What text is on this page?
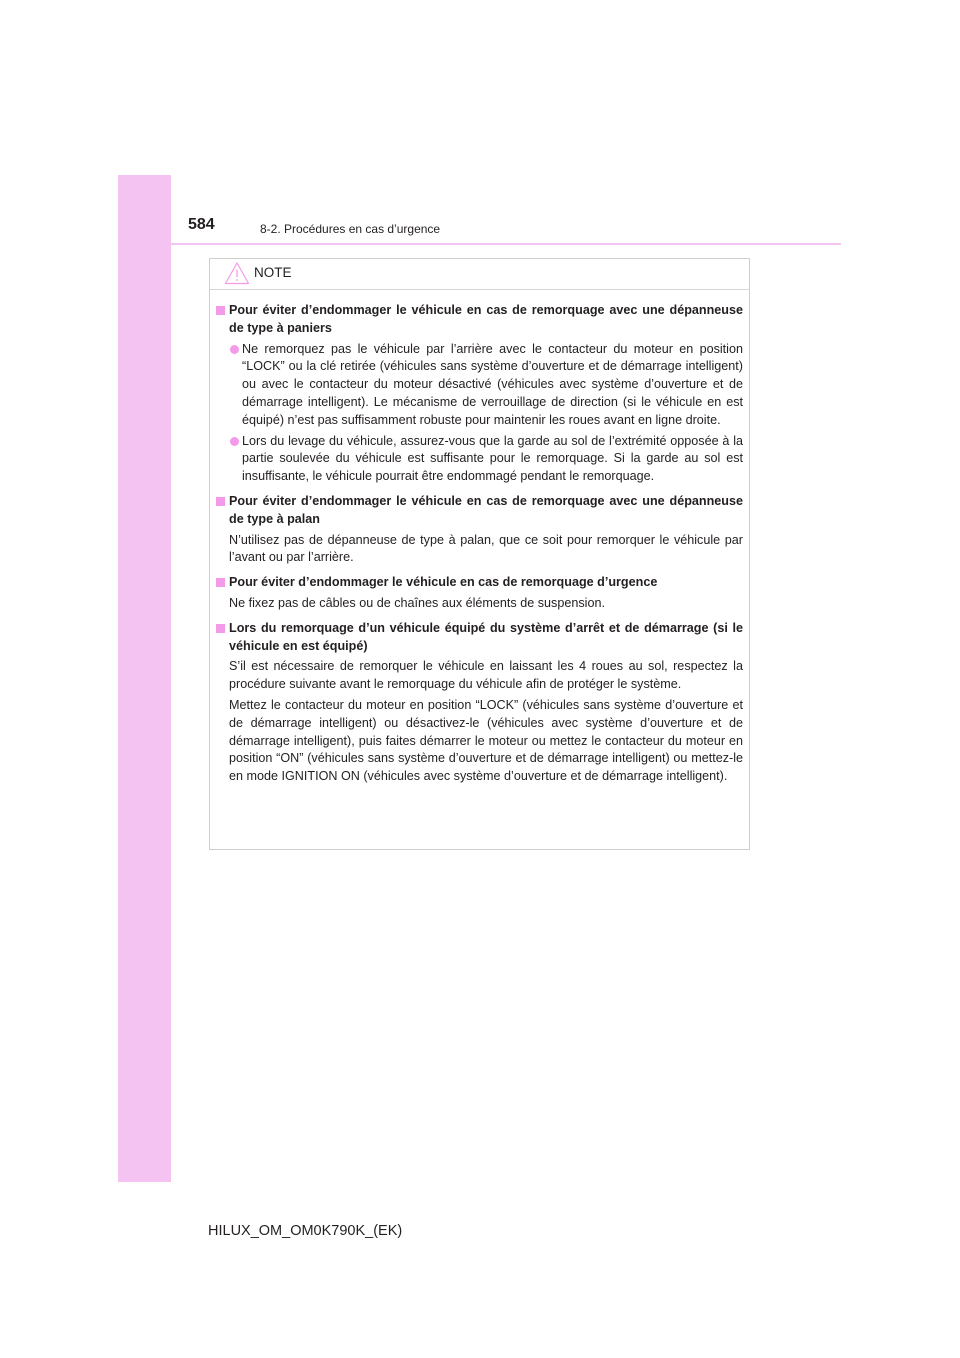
584	8-2. Procédures en cas d’urgence
NOTE
Pour éviter d’endommager le véhicule en cas de remorquage avec une dépanneuse de type à paniers
Ne remorquez pas le véhicule par l’arrière avec le contacteur du moteur en position “LOCK” ou la clé retirée (véhicules sans système d’ouverture et de démarrage intelligent) ou avec le contacteur du moteur désactivé (véhicules avec système d’ouverture et de démarrage intelligent). Le mécanisme de verrouillage de direction (si le véhicule en est équipé) n’est pas suffisamment robuste pour maintenir les roues avant en ligne droite.
Lors du levage du véhicule, assurez-vous que la garde au sol de l’extrémité opposée à la partie soulevée du véhicule est suffisante pour le remorquage. Si la garde au sol est insuffisante, le véhicule pourrait être endommagé pendant le remorquage.
Pour éviter d’endommager le véhicule en cas de remorquage avec une dépanneuse de type à palan
N’utilisez pas de dépanneuse de type à palan, que ce soit pour remorquer le véhicule par l’avant ou par l’arrière.
Pour éviter d’endommager le véhicule en cas de remorquage d’urgence
Ne fixez pas de câbles ou de chaînes aux éléments de suspension.
Lors du remorquage d’un véhicule équipé du système d’arrêt et de démarrage (si le véhicule en est équipé)
S’il est nécessaire de remorquer le véhicule en laissant les 4 roues au sol, respectez la procédure suivante avant le remorquage du véhicule afin de protéger le système.
Mettez le contacteur du moteur en position “LOCK” (véhicules sans système d’ouverture et de démarrage intelligent) ou désactivez-le (véhicules avec système d’ouverture et de démarrage intelligent), puis faites démarrer le moteur ou mettez le contacteur du moteur en position “ON” (véhicules sans système d’ouverture et de démarrage intelligent) ou mettez-le en mode IGNITION ON (véhicules avec système d’ouverture et de démarrage intelligent).
HILUX_OM_OM0K790K_(EK)
